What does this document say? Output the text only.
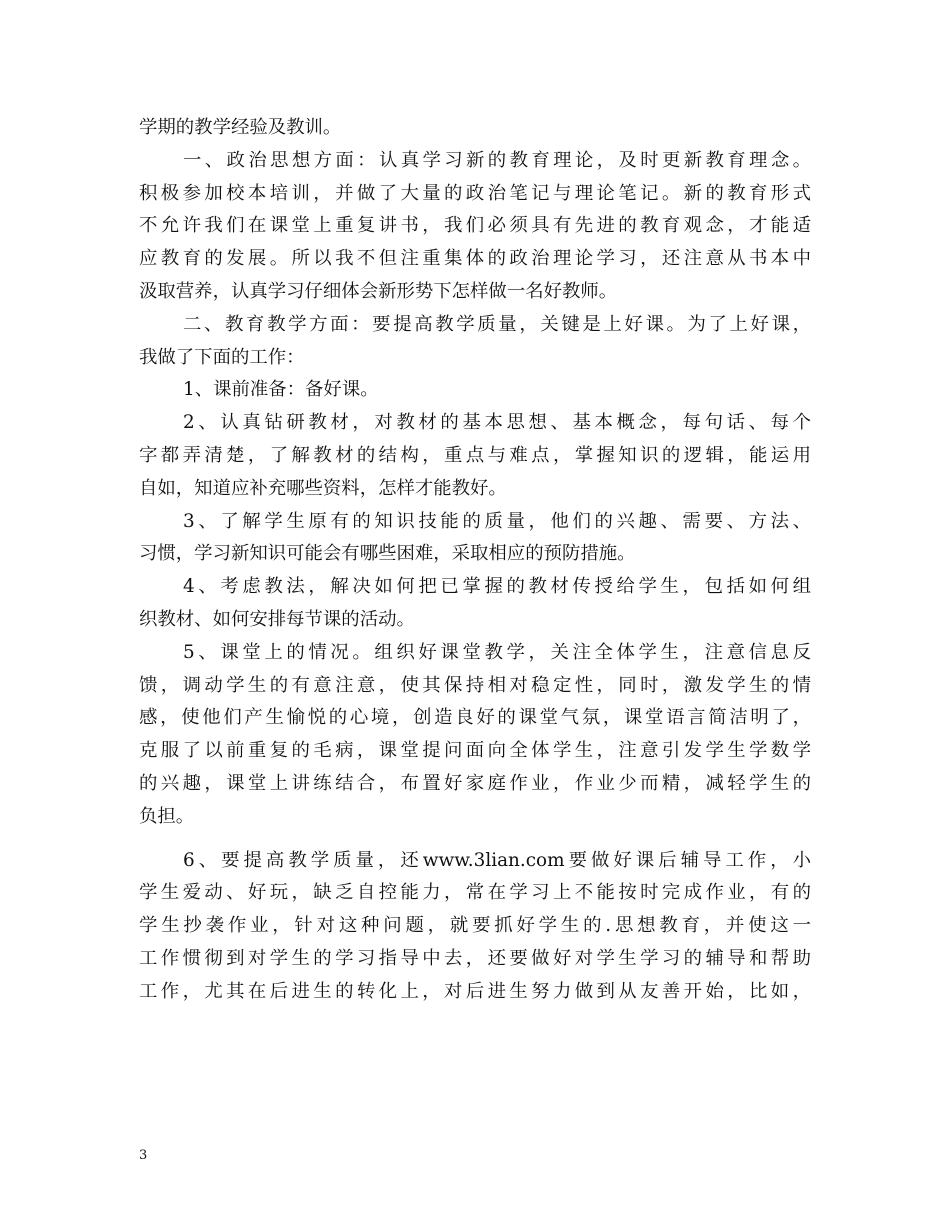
学期的教学经验及教训。
一、政治思想方面：认真学习新的教育理论，及时更新教育理念。
积极参加校本培训，并做了大量的政治笔记与理论笔记。新的教育形式
不允许我们在课堂上重复讲书，我们必须具有先进的教育观念，才能适
应教育的发展。所以我不但注重集体的政治理论学习，还注意从书本中
汲取营养，认真学习仔细体会新形势下怎样做一名好教师。
二、教育教学方面：要提高教学质量，关键是上好课。为了上好课，
我做了下面的工作：
1、课前准备：备好课。
2、认真钻研教材，对教材的基本思想、基本概念，每句话、每个
字都弄清楚，了解教材的结构，重点与难点，掌握知识的逻辑，能运用
自如，知道应补充哪些资料，怎样才能教好。
3、了解学生原有的知识技能的质量，他们的兴趣、需要、方法、
习惯，学习新知识可能会有哪些困难，采取相应的预防措施。
4、考虑教法，解决如何把已掌握的教材传授给学生，包括如何组
织教材、如何安排每节课的活动。
5、课堂上的情况。组织好课堂教学，关注全体学生，注意信息反
馈，调动学生的有意注意，使其保持相对稳定性，同时，激发学生的情
感，使他们产生愉悦的心境，创造良好的课堂气氛，课堂语言简洁明了，
克服了以前重复的毛病，课堂提问面向全体学生，注意引发学生学数学
的兴趣，课堂上讲练结合，布置好家庭作业，作业少而精，减轻学生的
负担。
6、要提高教学质量，还www.3lian.com要做好课后辅导工作，小
学生爱动、好玩，缺乏自控能力，常在学习上不能按时完成作业，有的
学生抄袭作业，针对这种问题，就要抓好学生的.思想教育，并使这一
工作惯彻到对学生的学习指导中去，还要做好对学生学习的辅导和帮助
工作，尤其在后进生的转化上，对后进生努力做到从友善开始，比如，
3
